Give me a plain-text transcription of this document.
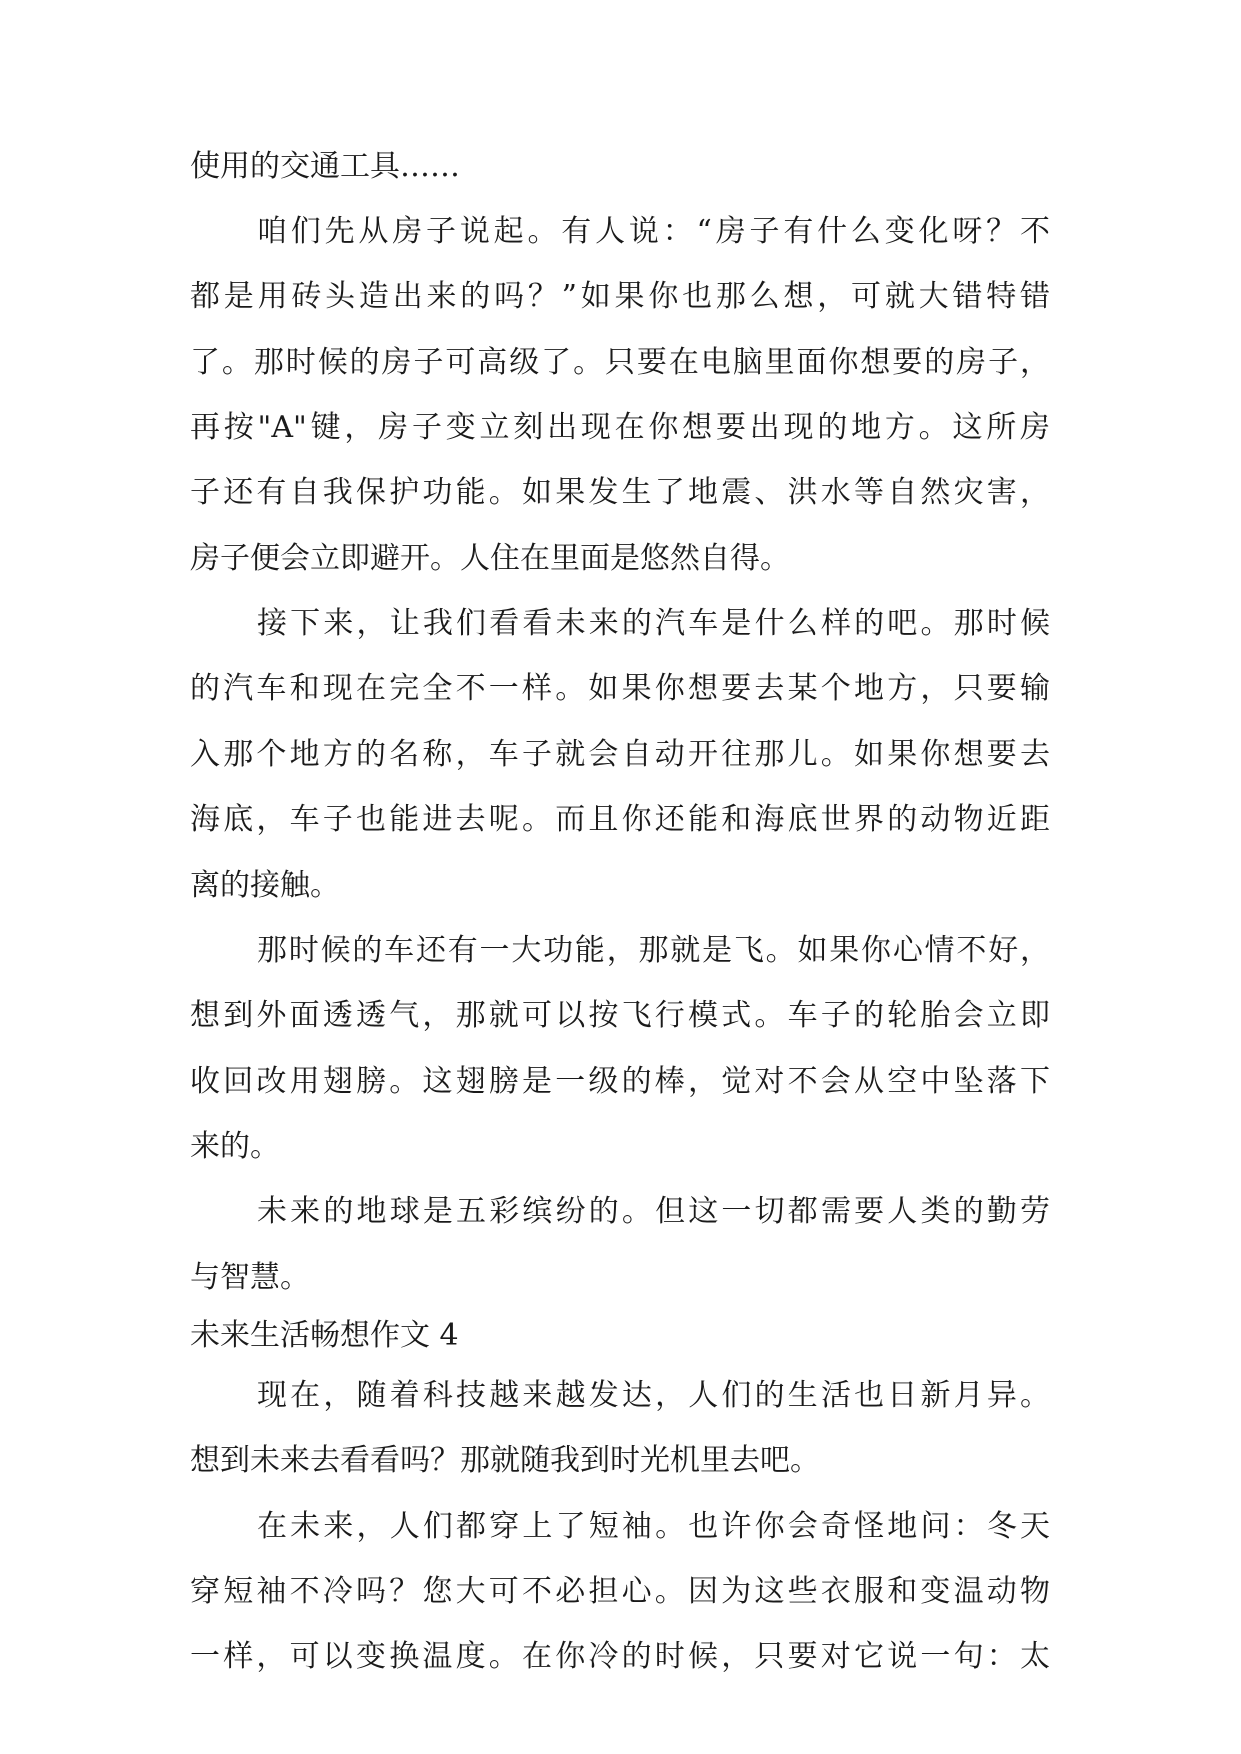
使用的交通工具……
咱们先从房子说起。有人说：“房子有什么变化呀？不
都是用砖头造出来的吗？”如果你也那么想，可就大错特错
了。那时候的房子可高级了。只要在电脑里面你想要的房子，
再按"A"键，房子变立刻出现在你想要出现的地方。这所房
子还有自我保护功能。如果发生了地震、洪水等自然灾害，
房子便会立即避开。人住在里面是悠然自得。
接下来，让我们看看未来的汽车是什么样的吧。那时候
的汽车和现在完全不一样。如果你想要去某个地方，只要输
入那个地方的名称，车子就会自动开往那儿。如果你想要去
海底，车子也能进去呢。而且你还能和海底世界的动物近距
离的接触。
那时候的车还有一大功能，那就是飞。如果你心情不好，
想到外面透透气，那就可以按飞行模式。车子的轮胎会立即
收回改用翅膀。这翅膀是一级的棒，觉对不会从空中坠落下
来的。
未来的地球是五彩缤纷的。但这一切都需要人类的勤劳
与智慧。
未来生活畅想作文 4
现在，随着科技越来越发达，人们的生活也日新月异。
想到未来去看看吗？那就随我到时光机里去吧。
在未来，人们都穿上了短袖。也许你会奇怪地问：冬天
穿短袖不冷吗？您大可不必担心。因为这些衣服和变温动物
一样，可以变换温度。在你冷的时候，只要对它说一句：太
